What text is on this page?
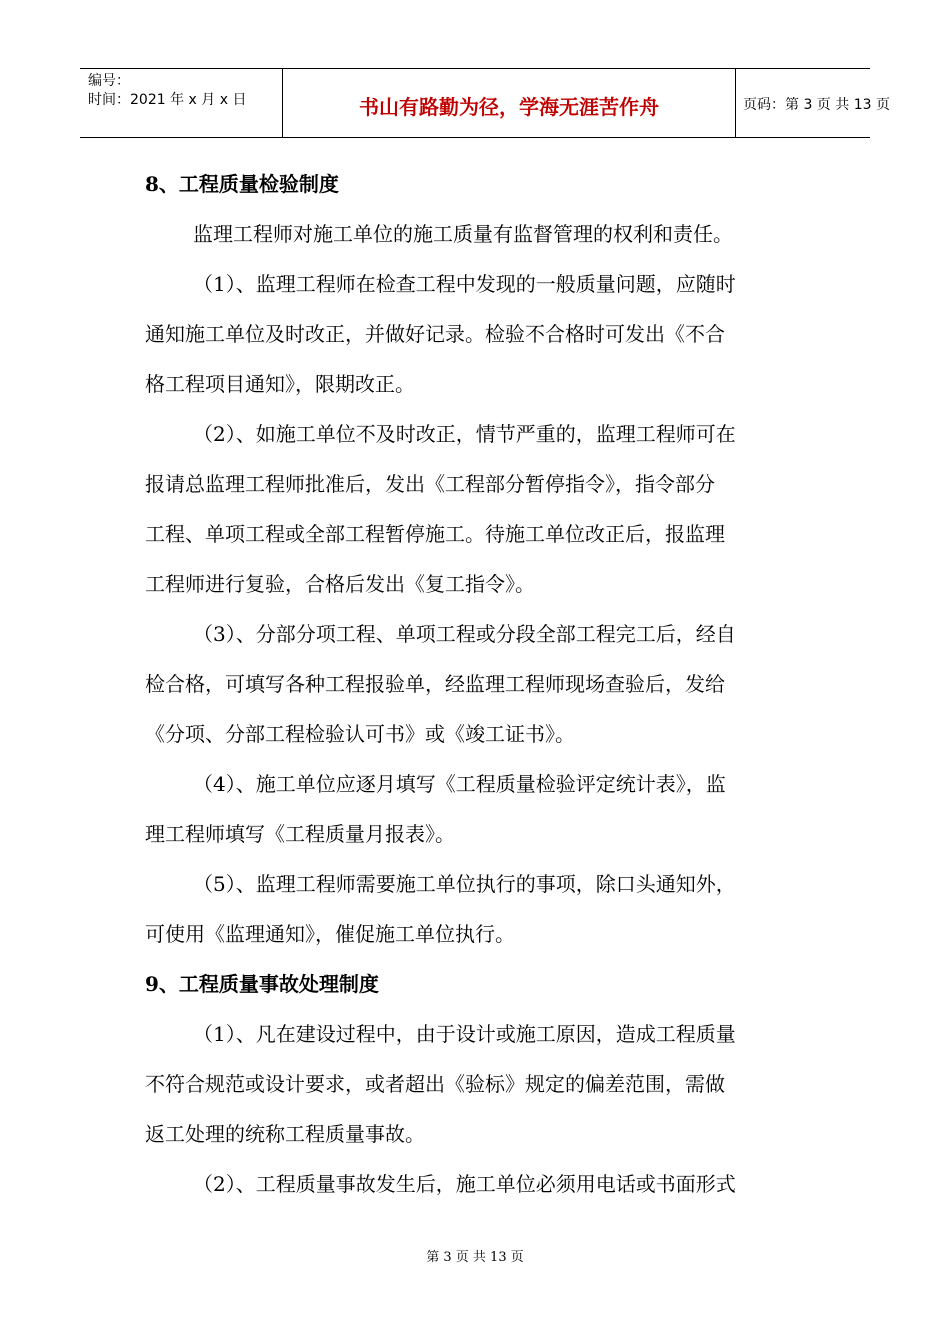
编号：
时间：2021 年 x 月 x 日	书山有路勤为径，学海无涯苦作舟	页码：第 3 页 共 13 页
8、工程质量检验制度
监理工程师对施工单位的施工质量有监督管理的权利和责任。
（1）、监理工程师在检查工程中发现的一般质量问题，应随时
通知施工单位及时改正，并做好记录。检验不合格时可发出《不合
格工程项目通知》，限期改正。
（2）、如施工单位不及时改正，情节严重的，监理工程师可在
报请总监理工程师批准后，发出《工程部分暂停指令》，指令部分
工程、单项工程或全部工程暂停施工。待施工单位改正后，报监理
工程师进行复验，合格后发出《复工指令》。
（3）、分部分项工程、单项工程或分段全部工程完工后，经自
检合格，可填写各种工程报验单，经监理工程师现场查验后，发给
《分项、分部工程检验认可书》或《竣工证书》。
（4）、施工单位应逐月填写《工程质量检验评定统计表》，监
理工程师填写《工程质量月报表》。
（5）、监理工程师需要施工单位执行的事项，除口头通知外，
可使用《监理通知》，催促施工单位执行。
9、工程质量事故处理制度
（1）、凡在建设过程中，由于设计或施工原因，造成工程质量
不符合规范或设计要求，或者超出《验标》规定的偏差范围，需做
返工处理的统称工程质量事故。
（2）、工程质量事故发生后，施工单位必须用电话或书面形式
第 3 页 共 13 页
